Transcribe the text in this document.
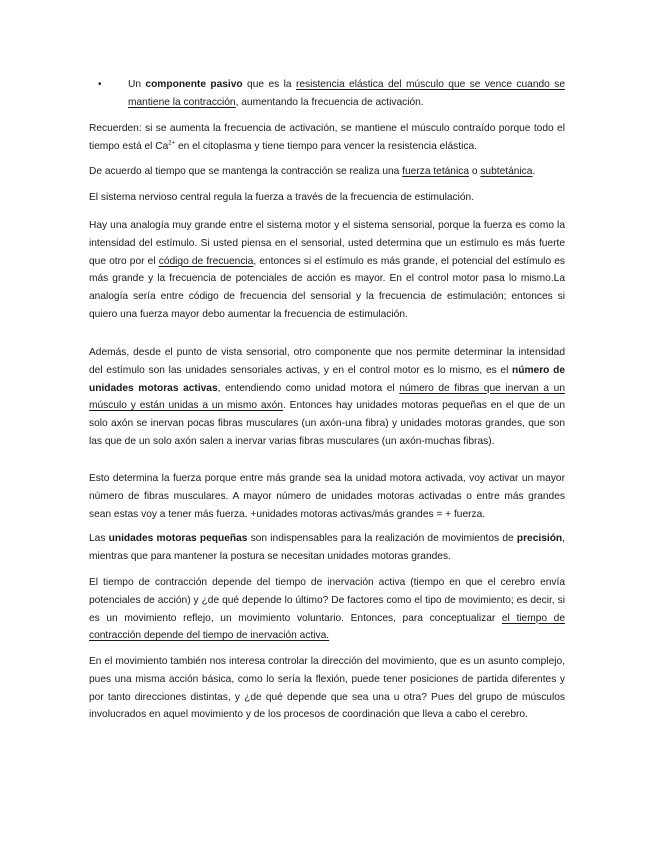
•	Un componente pasivo que es la resistencia elástica del músculo que se vence cuando se mantiene la contracción, aumentando la frecuencia de activación.

Recuerden: si se aumenta la frecuencia de activación, se mantiene el músculo contraído porque todo el tiempo está el $Ca^{2+}$ en el citoplasma y tiene tiempo para vencer la resistencia elástica.

De acuerdo al tiempo que se mantenga la contracción se realiza una fuerza tetánica o subtetánica.

El sistema nervioso central regula la fuerza a través de la frecuencia de estimulación.

Hay una analogía muy grande entre el sistema motor y el sistema sensorial, porque la fuerza es como la intensidad del estímulo. Si usted piensa en el sensorial, usted determina que un estímulo es más fuerte que otro por el código de frecuencia, entonces si el estímulo es más grande, el potencial del estímulo es más grande y la frecuencia de potenciales de acción es mayor. En el control motor pasa lo mismo.La analogía sería entre código de frecuencia del sensorial y la frecuencia de estimulación; entonces si quiero una fuerza mayor debo aumentar la frecuencia de estimulación.

Además, desde el punto de vista sensorial, otro componente que nos permite determinar la intensidad del estímulo son las unidades sensoriales activas, y en el control motor es lo mismo, es el número de unidades motoras activas, entendiendo como unidad motora el número de fibras que inervan a un músculo y están unidas a un mismo axón. Entonces hay unidades motoras pequeñas en el que de un solo axón se inervan pocas fibras musculares (un axón-una fibra) y unidades motoras grandes, que son las que de un solo axón salen a inervar varias fibras musculares (un axón-muchas fibras).

Esto determina la fuerza porque entre más grande sea la unidad motora activada, voy activar un mayor número de fibras musculares. A mayor número de unidades motoras activadas o entre más grandes sean estas voy a tener más fuerza. +unidades motoras activas/más grandes = + fuerza.

Las unidades motoras pequeñas son indispensables para la realización de movimientos de precisión, mientras que para mantener la postura se necesitan unidades motoras grandes.

El tiempo de contracción depende del tiempo de inervación activa (tiempo en que el cerebro envía potenciales de acción) y ¿de qué depende lo último? De factores como el tipo de movimiento; es decir, si es un movimiento reflejo, un movimiento voluntario. Entonces, para conceptualizar el tiempo de contracción depende del tiempo de inervación activa.

En el movimiento también nos interesa controlar la dirección del movimiento, que es un asunto complejo, pues una misma acción básica, como lo sería la flexión, puede tener posiciones de partida diferentes y por tanto direcciones distintas, y ¿de qué depende que sea una u otra? Pues del grupo de músculos involucrados en aquel movimiento y de los procesos de coordinación que lleva a cabo el cerebro.
